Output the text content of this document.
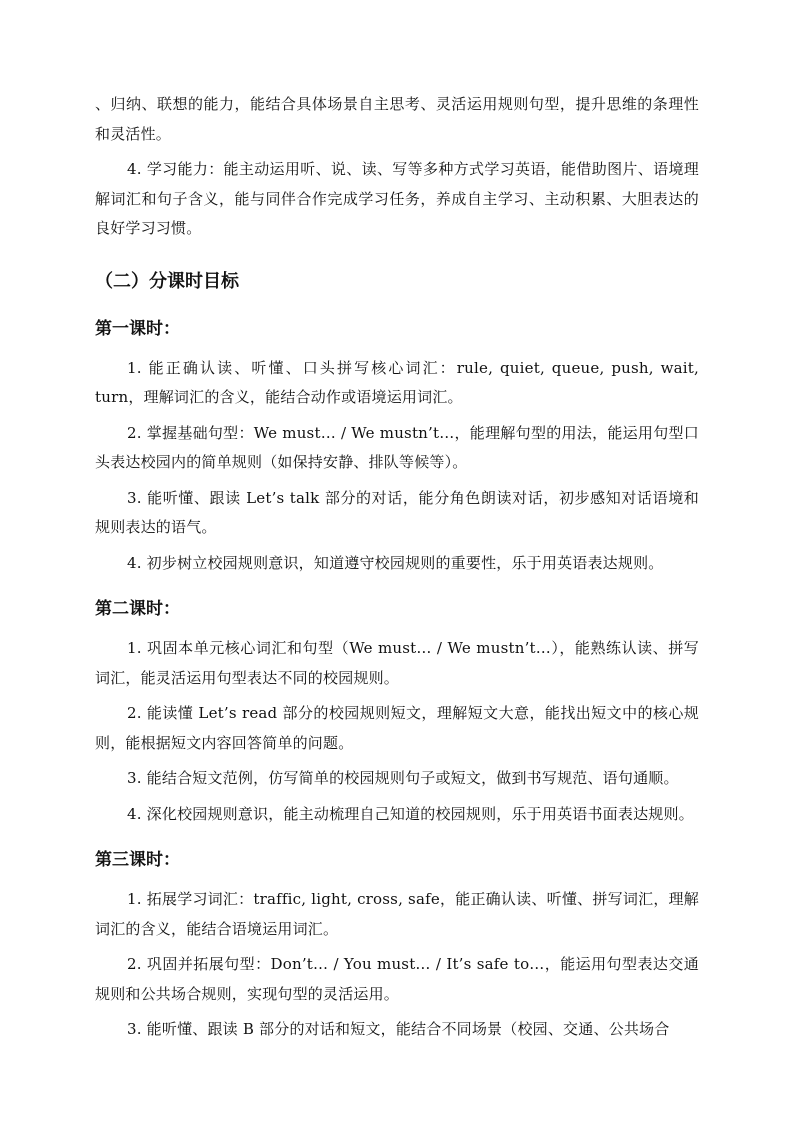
、归纳、联想的能力，能结合具体场景自主思考、灵活运用规则句型，提升思维的条理性和灵活性。

4. 学习能力：能主动运用听、说、读、写等多种方式学习英语，能借助图片、语境理解词汇和句子含义，能与同伴合作完成学习任务，养成自主学习、主动积累、大胆表达的良好学习习惯。

（二）分课时目标
第一课时：

1. 能正确认读、听懂、口头拼写核心词汇：rule, quiet, queue, push, wait, turn，理解词汇的含义，能结合动作或语境运用词汇。

2. 掌握基础句型：We must… / We mustn’t…，能理解句型的用法，能运用句型口头表达校园内的简单规则（如保持安静、排队等候等）。

3. 能听懂、跟读 Let’s talk 部分的对话，能分角色朗读对话，初步感知对话语境和规则表达的语气。

4. 初步树立校园规则意识，知道遵守校园规则的重要性，乐于用英语表达规则。

第二课时：

1. 巩固本单元核心词汇和句型（We must… / We mustn’t…），能熟练认读、拼写词汇，能灵活运用句型表达不同的校园规则。

2. 能读懂 Let’s read 部分的校园规则短文，理解短文大意，能找出短文中的核心规则，能根据短文内容回答简单的问题。

3. 能结合短文范例，仿写简单的校园规则句子或短文，做到书写规范、语句通顺。

4. 深化校园规则意识，能主动梳理自己知道的校园规则，乐于用英语书面表达规则。

第三课时：

1. 拓展学习词汇：traffic, light, cross, safe，能正确认读、听懂、拼写词汇，理解词汇的含义，能结合语境运用词汇。

2. 巩固并拓展句型：Don’t… / You must… / It’s safe to…，能运用句型表达交通规则和公共场合规则，实现句型的灵活运用。

3. 能听懂、跟读 B 部分的对话和短文，能结合不同场景（校园、交通、公共场合
